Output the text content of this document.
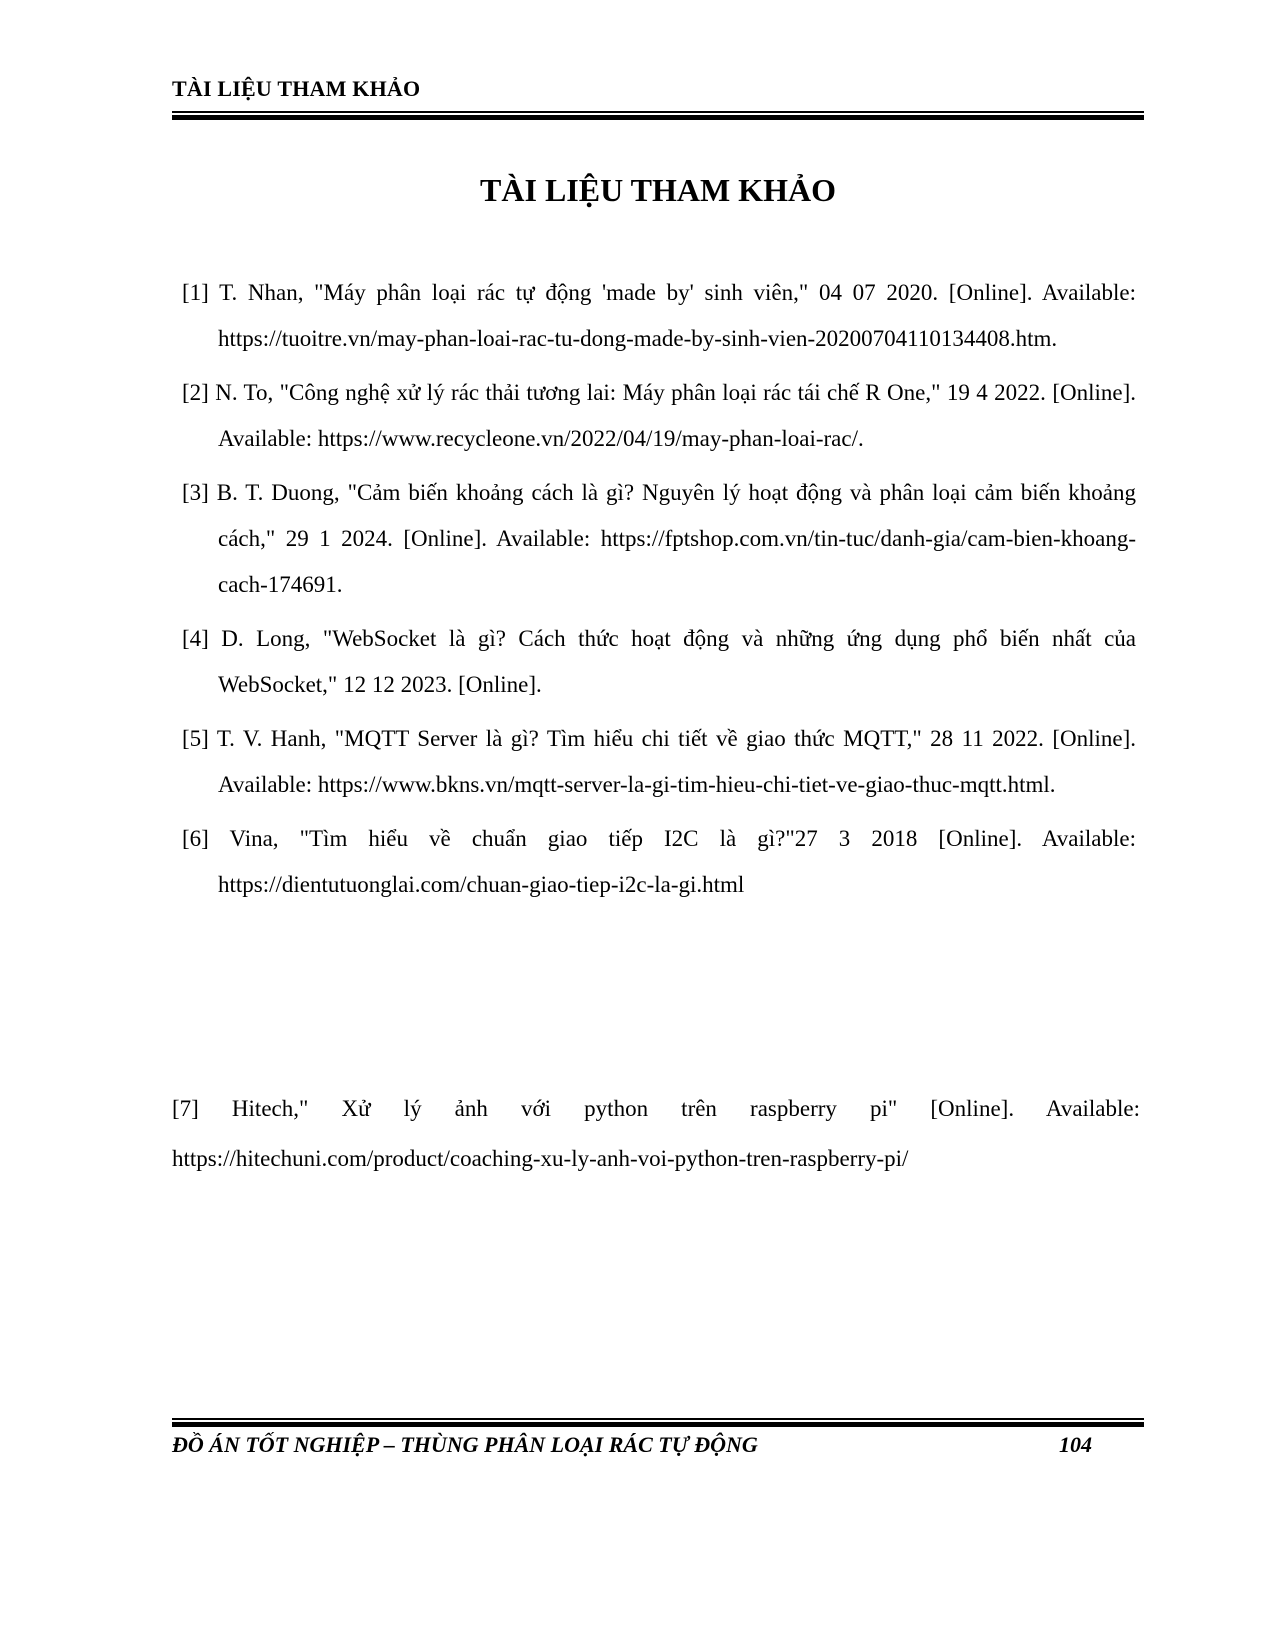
TÀI LIỆU THAM KHẢO
TÀI LIỆU THAM KHẢO

[1] T. Nhan, "Máy phân loại rác tự động 'made by' sinh viên," 04 07 2020. [Online]. Available: https://tuoitre.vn/may-phan-loai-rac-tu-dong-made-by-sinh-vien-20200704110134408.htm.

[2] N. To, "Công nghệ xử lý rác thải tương lai: Máy phân loại rác tái chế R One," 19 4 2022. [Online]. Available: https://www.recycleone.vn/2022/04/19/may-phan-loai-rac/.

[3] B. T. Duong, "Cảm biến khoảng cách là gì? Nguyên lý hoạt động và phân loại cảm biến khoảng cách," 29 1 2024. [Online]. Available: https://fptshop.com.vn/tin-tuc/danh-gia/cam-bien-khoang-cach-174691.

[4] D. Long, "WebSocket là gì? Cách thức hoạt động và những ứng dụng phổ biến nhất của WebSocket," 12 12 2023. [Online].

[5] T. V. Hanh, "MQTT Server là gì? Tìm hiểu chi tiết về giao thức MQTT," 28 11 2022. [Online]. Available: https://www.bkns.vn/mqtt-server-la-gi-tim-hieu-chi-tiet-ve-giao-thuc-mqtt.html.

[6] Vina, "Tìm hiểu về chuẩn giao tiếp I2C là gì?"27 3 2018 [Online]. Available: https://dientutuonglai.com/chuan-giao-tiep-i2c-la-gi.html

[7] Hitech," Xử lý ảnh với python trên raspberry pi" [Online]. Available: https://hitechuni.com/product/coaching-xu-ly-anh-voi-python-tren-raspberry-pi/

ĐỒ ÁN TỐT NGHIỆP – THÙNG PHÂN LOẠI RÁC TỰ ĐỘNG	104
